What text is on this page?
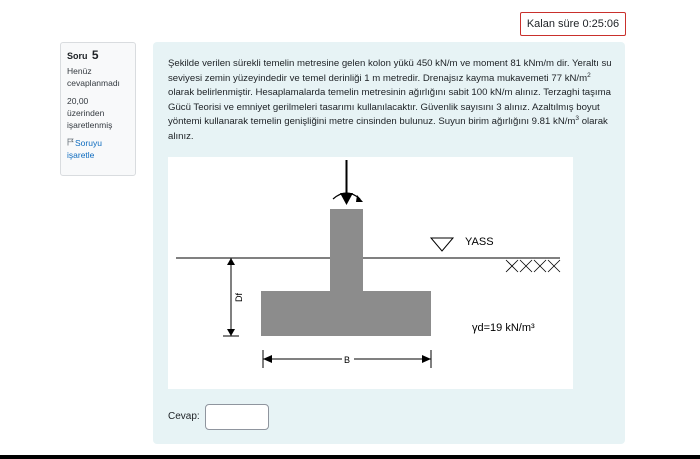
Kalan süre 0:25:06
Soru 5
Henüz
cevaplanmadı
20,00
üzerinden
işaretlenmiş
Soruyu
işaretle
Şekilde verilen sürekli temelin metresine gelen kolon yükü 450 kN/m ve moment 81 kNm/m dir. Yeraltı su seviyesi zemin yüzeyindedir ve temel derinliği 1 m metredir. Drenajsız kayma mukavemeti 77 $kN/m^2$ olarak belirlenmiştir. Hesaplamalarda temelin metresinin ağırlığını sabit 100 kN/m alınız. Terzaghi taşıma Gücü Teorisi ve emniyet gerilmeleri tasarımı kullanılacaktır. Güvenlik sayısını 3 alınız. Azaltılmış boyut yöntemi kullanarak temelin genişliğini metre cinsinden bulunuz. Suyun birim ağırlığını 9.81 $kN/m^3$ olarak alınız.
YASS
Df
B
γd=19 kN/m³
Cevap:
